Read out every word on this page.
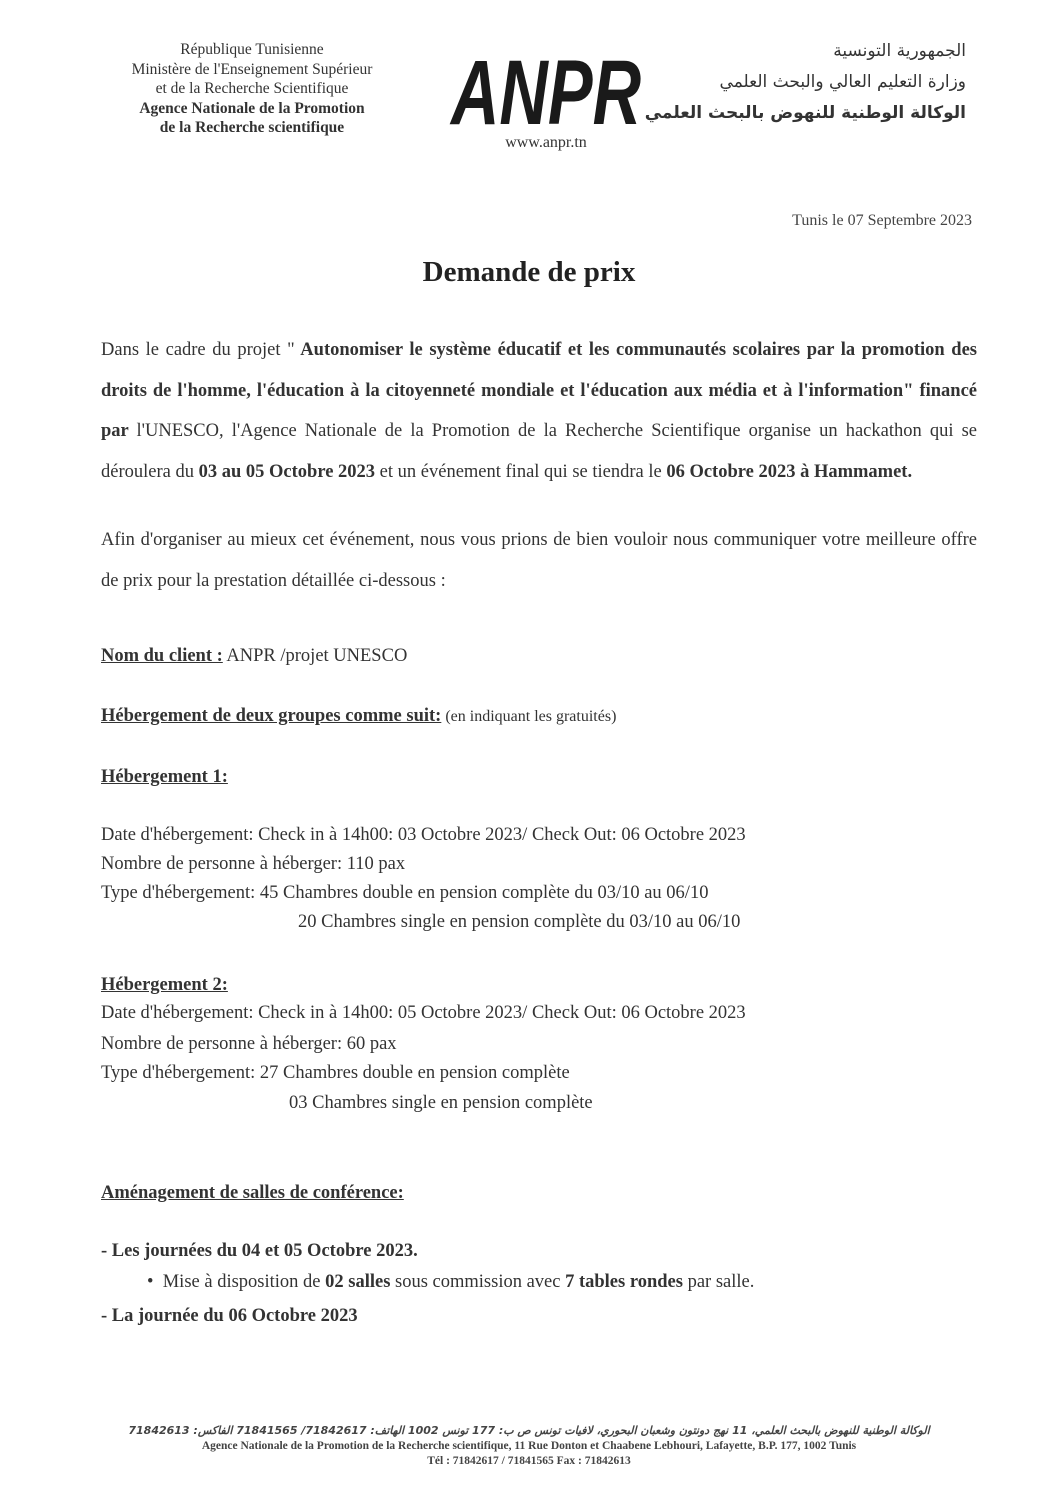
République Tunisienne
Ministère de l'Enseignement Supérieur
et de la Recherche Scientifique
Agence Nationale de la Promotion
de la Recherche scientifique	ANPR
www.anpr.tn
الجمهورية التونسية
وزارة التعليم العالي والبحث العلمي
الوكالة الوطنية للنهوض بالبحث العلمي
Tunis le 07 Septembre 2023
Demande de prix
Dans le cadre du projet " Autonomiser le système éducatif et les communautés scolaires par la promotion des droits de l'homme, l'éducation à la citoyenneté mondiale et l'éducation aux média et à l'information" financé par l'UNESCO, l'Agence Nationale de la Promotion de la Recherche Scientifique organise un hackathon qui se déroulera du 03 au 05 Octobre 2023 et un événement final qui se tiendra le 06 Octobre 2023 à Hammamet.
Afin d'organiser au mieux cet événement, nous vous prions de bien vouloir nous communiquer votre meilleure offre de prix pour la prestation détaillée ci-dessous :
Nom du client : ANPR /projet UNESCO
Hébergement de deux groupes comme suit: (en indiquant les gratuités)
Hébergement 1:
Date d'hébergement: Check in à 14h00: 03 Octobre 2023/ Check Out: 06 Octobre 2023
Nombre de personne à héberger: 110 pax
Type d'hébergement: 45 Chambres double en pension complète du 03/10 au 06/10
20 Chambres single en pension complète du 03/10 au 06/10
Hébergement 2:
Date d'hébergement: Check in à 14h00: 05 Octobre 2023/ Check Out: 06 Octobre 2023
Nombre de personne à héberger: 60 pax
Type d'hébergement: 27 Chambres double en pension complète
03 Chambres single en pension complète
Aménagement de salles de conférence:
- Les journées du 04 et 05 Octobre 2023.
•  Mise à disposition de 02 salles sous commission avec 7 tables rondes par salle.
- La journée du 06 Octobre 2023
الوكالة الوطنية للنهوض بالبحث العلمي، 11 نهج دونتون وشعبان البحوري، لافيات تونس ص ب: 177 تونس 1002 الهاتف: 71842617/ 71841565 الفاكس: 71842613
Agence Nationale de la Promotion de la Recherche scientifique, 11 Rue Donton et Chaabene Lebhouri, Lafayette, B.P. 177, 1002 Tunis
Tél : 71842617 / 71841565 Fax : 71842613
